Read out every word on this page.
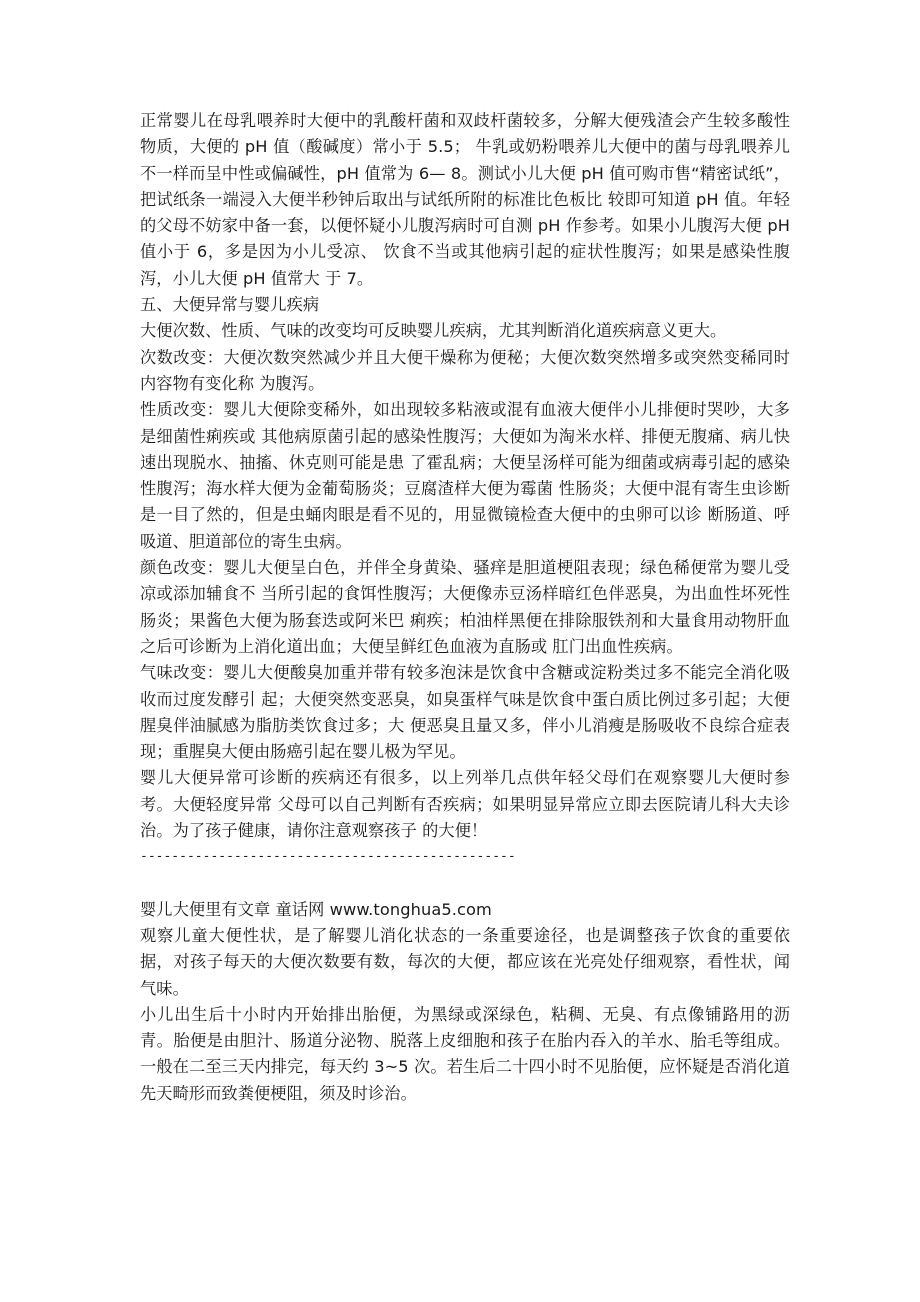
正常婴儿在母乳喂养时大便中的乳酸杆菌和双歧杆菌较多，分解大便残渣会产生较多酸性物质，大便的 pH 值（酸碱度）常小于 5.5； 牛乳或奶粉喂养儿大便中的菌与母乳喂养儿不一样而呈中性或偏碱性，pH 值常为 6— 8。测试小儿大便 pH 值可购市售“精密试纸”，把试纸条一端浸入大便半秒钟后取出与试纸所附的标准比色板比 较即可知道 pH 值。年轻的父母不妨家中备一套，以便怀疑小儿腹泻病时可自测 pH 作参考。如果小儿腹泻大便 pH 值小于 6，多是因为小儿受凉、 饮食不当或其他病引起的症状性腹泻；如果是感染性腹泻，小儿大便 pH 值常大 于 7。

五、大便异常与婴儿疾病

大便次数、性质、气味的改变均可反映婴儿疾病，尤其判断消化道疾病意义更大。

次数改变：大便次数突然减少并且大便干燥称为便秘；大便次数突然增多或突然变稀同时内容物有变化称 为腹泻。

性质改变：婴儿大便除变稀外，如出现较多粘液或混有血液大便伴小儿排便时哭吵，大多是细菌性痢疾或 其他病原菌引起的感染性腹泻；大便如为淘米水样、排便无腹痛、病儿快速出现脱水、抽搐、休克则可能是患 了霍乱病；大便呈汤样可能为细菌或病毒引起的感染性腹泻；海水样大便为金葡萄肠炎；豆腐渣样大便为霉菌 性肠炎；大便中混有寄生虫诊断是一目了然的，但是虫蛹肉眼是看不见的，用显微镜检查大便中的虫卵可以诊 断肠道、呼吸道、胆道部位的寄生虫病。

颜色改变：婴儿大便呈白色，并伴全身黄染、骚痒是胆道梗阻表现；绿色稀便常为婴儿受凉或添加辅食不 当所引起的食饵性腹泻；大便像赤豆汤样暗红色伴恶臭，为出血性坏死性肠炎；果酱色大便为肠套迭或阿米巴 痢疾；柏油样黑便在排除服铁剂和大量食用动物肝血之后可诊断为上消化道出血；大便呈鲜红色血液为直肠或 肛门出血性疾病。

气味改变：婴儿大便酸臭加重并带有较多泡沫是饮食中含糖或淀粉类过多不能完全消化吸收而过度发酵引 起；大便突然变恶臭，如臭蛋样气味是饮食中蛋白质比例过多引起；大便腥臭伴油腻感为脂肪类饮食过多；大 便恶臭且量又多，伴小儿消瘦是肠吸收不良综合症表现；重腥臭大便由肠癌引起在婴儿极为罕见。

婴儿大便异常可诊断的疾病还有很多，以上列举几点供年轻父母们在观察婴儿大便时参考。大便轻度异常 父母可以自己判断有否疾病；如果明显异常应立即去医院请儿科大夫诊治。为了孩子健康，请你注意观察孩子 的大便！

------------------------------------------------

婴儿大便里有文章 童话网 www.tonghua5.com

观察儿童大便性状，是了解婴儿消化状态的一条重要途径，也是调整孩子饮食的重要依据，对孩子每天的大便次数要有数，每次的大便，都应该在光亮处仔细观察，看性状，闻气味。

小儿出生后十小时内开始排出胎便，为黑绿或深绿色，粘稠、无臭、有点像铺路用的沥青。胎便是由胆汁、肠道分泌物、脱落上皮细胞和孩子在胎内吞入的羊水、胎毛等组成。一般在二至三天内排完，每天约 3~5 次。若生后二十四小时不见胎便，应怀疑是否消化道先天畸形而致粪便梗阻，须及时诊治。
